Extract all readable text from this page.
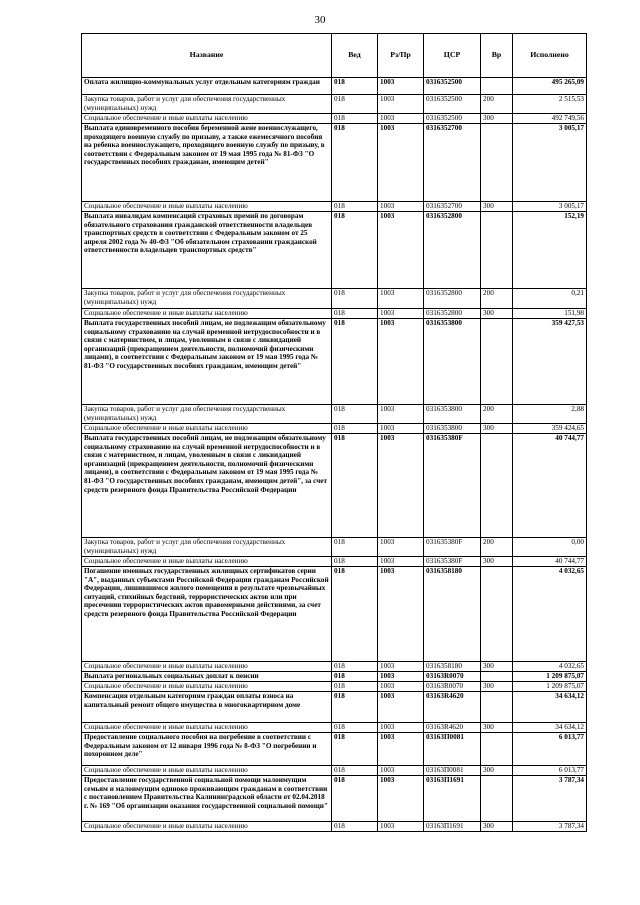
30
Название	Вед	Рз/Пр	ЦСР	Вр	Исполнено
Оплата жилищно-коммунальных услуг отдельным категориям граждан	018	1003	0316352500		495 265,09
Закупка товаров, работ и услуг для обеспечения государственных (муниципальных) нужд	018	1003	0316352500	200	2 515,53
Социальное обеспечение и иные выплаты населению	018	1003	0316352500	300	492 749,56
Выплата единовременного пособия беременной жене военнослужащего, проходящего военную службу по призыву, а также ежемесячного пособия на ребенка военнослужащего, проходящего военную службу по призыву, в соответствии с Федеральным законом от 19 мая 1995 года № 81-ФЗ "О государственных пособиях гражданам, имеющим детей"	018	1003	0316352700		3 005,17
Социальное обеспечение и иные выплаты населению	018	1003	0316352700	300	3 005,17
Выплата инвалидам компенсаций страховых премий по договорам обязательного страхования гражданской ответственности владельцев транспортных средств в соответствии с Федеральным законом от 25 апреля 2002 года № 40-ФЗ "Об обязательном страховании гражданской ответственности владельцев транспортных средств"	018	1003	0316352800		152,19
Закупка товаров, работ и услуг для обеспечения государственных (муниципальных) нужд	018	1003	0316352800	200	0,21
Социальное обеспечение и иные выплаты населению	018	1003	0316352800	300	151,98
Выплата государственных пособий лицам, не подлежащим обязательному социальному страхованию на случай временной нетрудоспособности и в связи с материнством, и лицам, уволенным в связи с ликвидацией организаций (прекращением деятельности, полномочий физическими лицами), в соответствии с Федеральным законом от 19 мая 1995 года № 81-ФЗ "О государственных пособиях гражданам, имеющим детей"	018	1003	0316353800		359 427,53
Закупка товаров, работ и услуг для обеспечения государственных (муниципальных) нужд	018	1003	0316353800	200	2,88
Социальное обеспечение и иные выплаты населению	018	1003	0316353800	300	359 424,65
Выплата государственных пособий лицам, не подлежащим обязательному социальному страхованию на случай временной нетрудоспособности и в связи с материнством, и лицам, уволенным в связи с ликвидацией организаций (прекращением деятельности, полномочий физическими лицами), в соответствии с Федеральным законом от 19 мая 1995 года № 81-ФЗ "О государственных пособиях гражданам, имеющим детей", за счет средств резервного фонда Правительства Российской Федерации	018	1003	031635380F		40 744,77
Закупка товаров, работ и услуг для обеспечения государственных (муниципальных) нужд	018	1003	031635380F	200	0,00
Социальное обеспечение и иные выплаты населению	018	1003	031635380F	300	40 744,77
Погашение именных государственных жилищных сертификатов серии "А", выданных субъектами Российской Федерации гражданам Российской Федерации, лишившимся жилого помещения в результате чрезвычайных ситуаций, стихийных бедствий, террористических актов или при пресечении террористических актов правомерными действиями, за счет средств резервного фонда Правительства Российской Федерации	018	1003	0316358180		4 032,65
Социальное обеспечение и иные выплаты населению	018	1003	0316358180	300	4 032,65
Выплата региональных социальных доплат к пенсии	018	1003	03163R0070		1 209 875,07
Социальное обеспечение и иные выплаты населению	018	1003	03163R0070	300	1 209 875,07
Компенсация отдельным категориям граждан оплаты взноса на капитальный ремонт общего имущества в многоквартирном доме	018	1003	03163R4620		34 634,12
Социальное обеспечение и иные выплаты населению	018	1003	03163R4620	300	34 634,12
Предоставление социального пособия на погребение в соответствии с Федеральным законом от 12 января 1996 года № 8-ФЗ "О погребении и похоронном деле"	018	1003	03163П0081		6 013,77
Социальное обеспечение и иные выплаты населению	018	1003	03163П0081	300	6 013,77
Предоставление государственной социальной помощи малоимущим семьям и малоимущим одиноко проживающим гражданам в соответствии с постановлением Правительства Калининградской области от 02.04.2018 г. № 169 "Об организации оказания государственной социальной помощи"	018	1003	03163П1691		3 787,34
Социальное обеспечение и иные выплаты населению	018	1003	03163П1691	300	3 787,34
